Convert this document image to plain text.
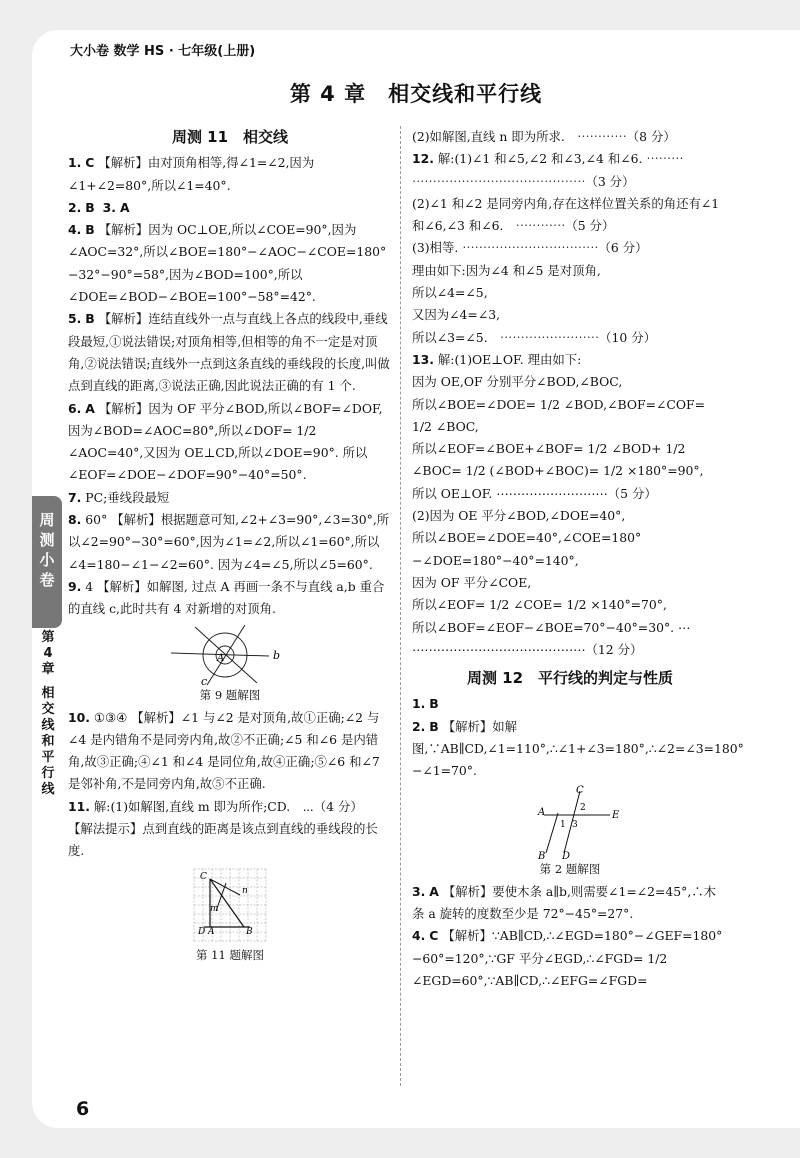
大小卷 数学 HS · 七年级(上册)
第 4 章　相交线和平行线
周
测
小
卷
第
4
章
相
交
线
和
平
行
线
周测 11　相交线

1. C 【解析】由对顶角相等,得∠1=∠2,因为∠1+∠2=80°,所以∠1=40°.

2. B 3. A

4. B 【解析】因为 OC⊥OE,所以∠COE=90°,因为∠AOC=32°,所以∠BOE=180°−∠AOC−∠COE=180°−32°−90°=58°,因为∠BOD=100°,所以∠DOE=∠BOD−∠BOE=100°−58°=42°.

5. B 【解析】连结直线外一点与直线上各点的线段中,垂线段最短,①说法错误;对顶角相等,但相等的角不一定是对顶角,②说法错误;直线外一点到这条直线的垂线段的长度,叫做点到直线的距离,③说法正确,因此说法正确的有 1 个.

6. A 【解析】因为 OF 平分∠BOD,所以∠BOF=∠DOF,因为∠BOD=∠AOC=80°,所以∠DOF= 1/2 ∠AOC=40°,又因为 OE⊥CD,所以∠DOE=90°. 所以∠EOF=∠DOE−∠DOF=90°−40°=50°.

7. PC;垂线段最短

8. 60° 【解析】根据题意可知,∠2+∠3=90°,∠3=30°,所以∠2=90°−30°=60°,因为∠1=∠2,所以∠1=60°,所以∠4=180−∠1−∠2=60°. 因为∠4=∠5,所以∠5=60°.

9. 4 【解析】如解图, 过点 A 再画一条不与直线 a,b 重合的直线 c,此时共有 4 对新增的对顶角.

b
c
A
第 9 题解图

10. ①③④ 【解析】∠1 与∠2 是对顶角,故①正确;∠2 与∠4 是内错角不是同旁内角,故②不正确;∠5 和∠6 是内错角,故③正确;④∠1 和∠4 是同位角,故④正确;⑤∠6 和∠7 是邻补角,不是同旁内角,故⑤不正确.

11. 解:(1)如解图,直线 m 即为所作;CD.　⋯（4 分）
【解法提示】点到直线的距离是该点到直线的垂线段的长度.

C
n
m
D A	B
第 11 题解图

(2)如解图,直线 n 即为所求.　⋯⋯⋯⋯（8 分）

12. 解:(1)∠1 和∠5,∠2 和∠3,∠4 和∠6. ⋯⋯⋯
⋯⋯⋯⋯⋯⋯⋯⋯⋯⋯⋯⋯⋯⋯（3 分）
(2)∠1 和∠2 是同旁内角,存在这样位置关系的角还有∠1 和∠6,∠3 和∠6.　⋯⋯⋯⋯（5 分）
(3)相等. ⋯⋯⋯⋯⋯⋯⋯⋯⋯⋯⋯（6 分）
理由如下:因为∠4 和∠5 是对顶角,
所以∠4=∠5,
又因为∠4=∠3,
所以∠3=∠5.　⋯⋯⋯⋯⋯⋯⋯⋯（10 分）

13. 解:(1)OE⊥OF. 理由如下:
因为 OE,OF 分别平分∠BOD,∠BOC,
所以∠BOE=∠DOE= 1/2 ∠BOD,∠BOF=∠COF= 1/2 ∠BOC,
所以∠EOF=∠BOE+∠BOF= 1/2 ∠BOD+ 1/2 ∠BOC= 1/2 (∠BOD+∠BOC)= 1/2 ×180°=90°,
所以 OE⊥OF. ⋯⋯⋯⋯⋯⋯⋯⋯⋯（5 分）
(2)因为 OE 平分∠BOD,∠DOE=40°,
所以∠BOE=∠DOE=40°,∠COE=180°−∠DOE=180°−40°=140°,
因为 OF 平分∠COE,
所以∠EOF= 1/2 ∠COE= 1/2 ×140°=70°,
所以∠BOF=∠EOF−∠BOE=70°−40°=30°. ⋯
⋯⋯⋯⋯⋯⋯⋯⋯⋯⋯⋯⋯⋯⋯（12 分）

周测 12　平行线的判定与性质

1. B

2. B 【解析】如解图,∵AB∥CD,∠1=110°,∴∠1+∠3=180°,∴∠2=∠3=180°−∠1=70°.

C
A	E
B D
2
1 3
第 2 题解图

3. A 【解析】要使木条 a∥b,则需要∠1=∠2=45°,∴木条 a 旋转的度数至少是 72°−45°=27°.

4. C 【解析】∵AB∥CD,∴∠EGD=180°−∠GEF=180°−60°=120°,∵GF 平分∠EGD,∴∠FGD= 1/2 ∠EGD=60°,∵AB∥CD,∴∠EFG=∠FGD=

6
